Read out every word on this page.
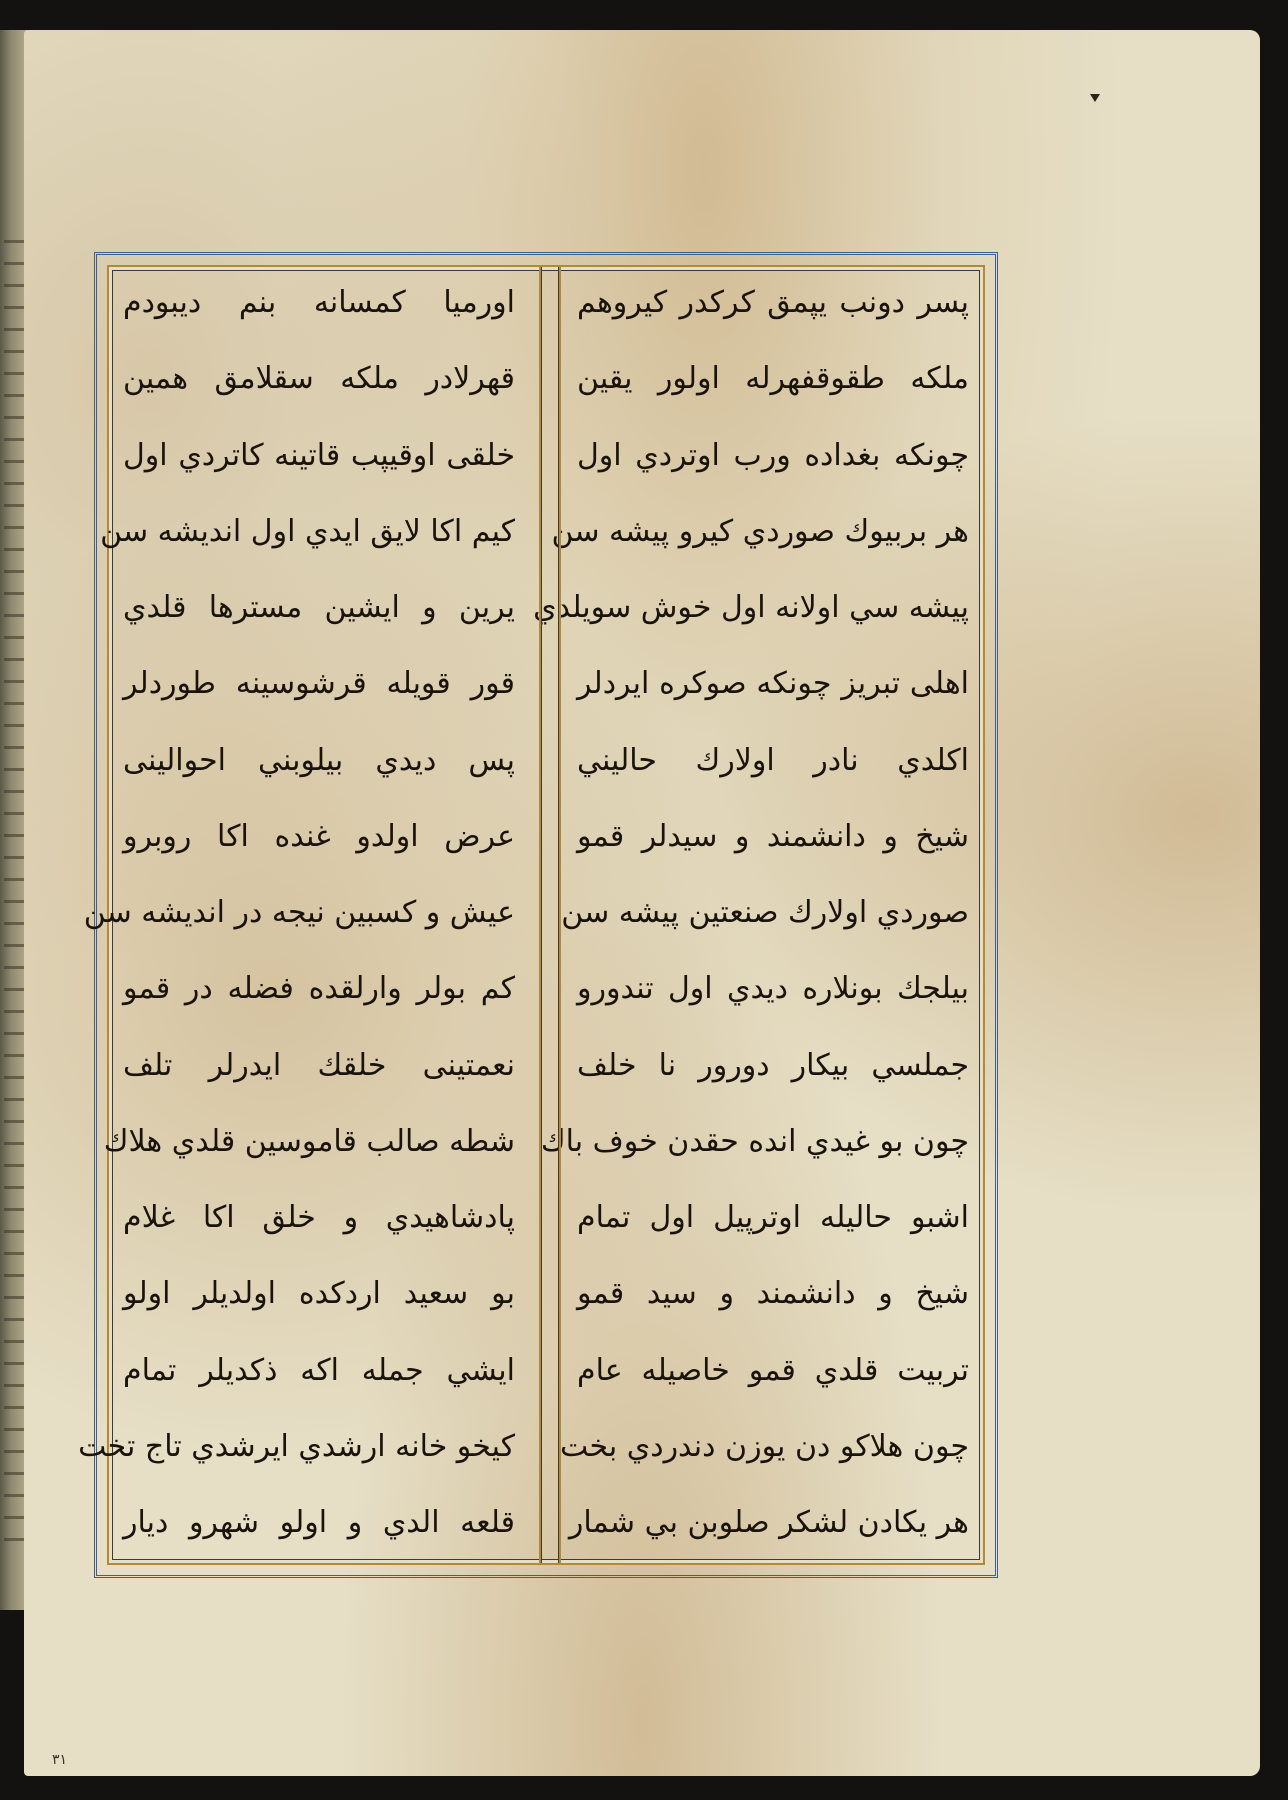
پسر دونب یپمق کرکدر کیروهم
ملکه طقوقفهرله اولور یقین
چونکه بغداده ورب اوتردي اول
هر بربیوك صوردي کیرو پیشه سن
پیشه سي اولانه اول خوش سویلدي
اهلی تبریز چونکه صوکره ایردلر
اکلدي نادر اولارك حالیني
شیخ و دانشمند و سیدلر قمو
صوردي اولارك صنعتین پیشه سن
بیلجك بونلاره دیدي اول تندورو
جملسي بیکار دورور نا خلف
چون بو غیدي انده حقدن خوف باك
اشبو حالیله اوترپیل اول تمام
شیخ و دانشمند و سید قمو
تربیت قلدي قمو خاصیله عام
چون هلاکو دن یوزن دندردي بخت
هر یکادن لشکر صلوبن بي شمار
اورمیا کمسانه بنم دیبودم
قهرلادر ملکه سقلامق همین
خلقی اوقیپب قاتینه کاتردي اول
کیم اکا لایق ایدي اول اندیشه سن
یرین و ایشین مسترها قلدي
قور قویله قرشوسینه طوردلر
پس دیدي بیلوبني احوالینی
عرض اولدو غنده اکا روبرو
عیش و کسبین نیجه در اندیشه سن
کم بولر وارلقده فضله در قمو
نعمتینی خلقك ایدرلر تلف
شطه صالب قاموسین قلدي هلاك
پادشاهیدي و خلق اکا غلام
بو سعید اردکده اولدیلر اولو
ایشي جمله اکه ذکدیلر تمام
کیخو خانه ارشدي ایرشدي تاج تخت
قلعه الدي و اولو شهرو دیار
۳۱
